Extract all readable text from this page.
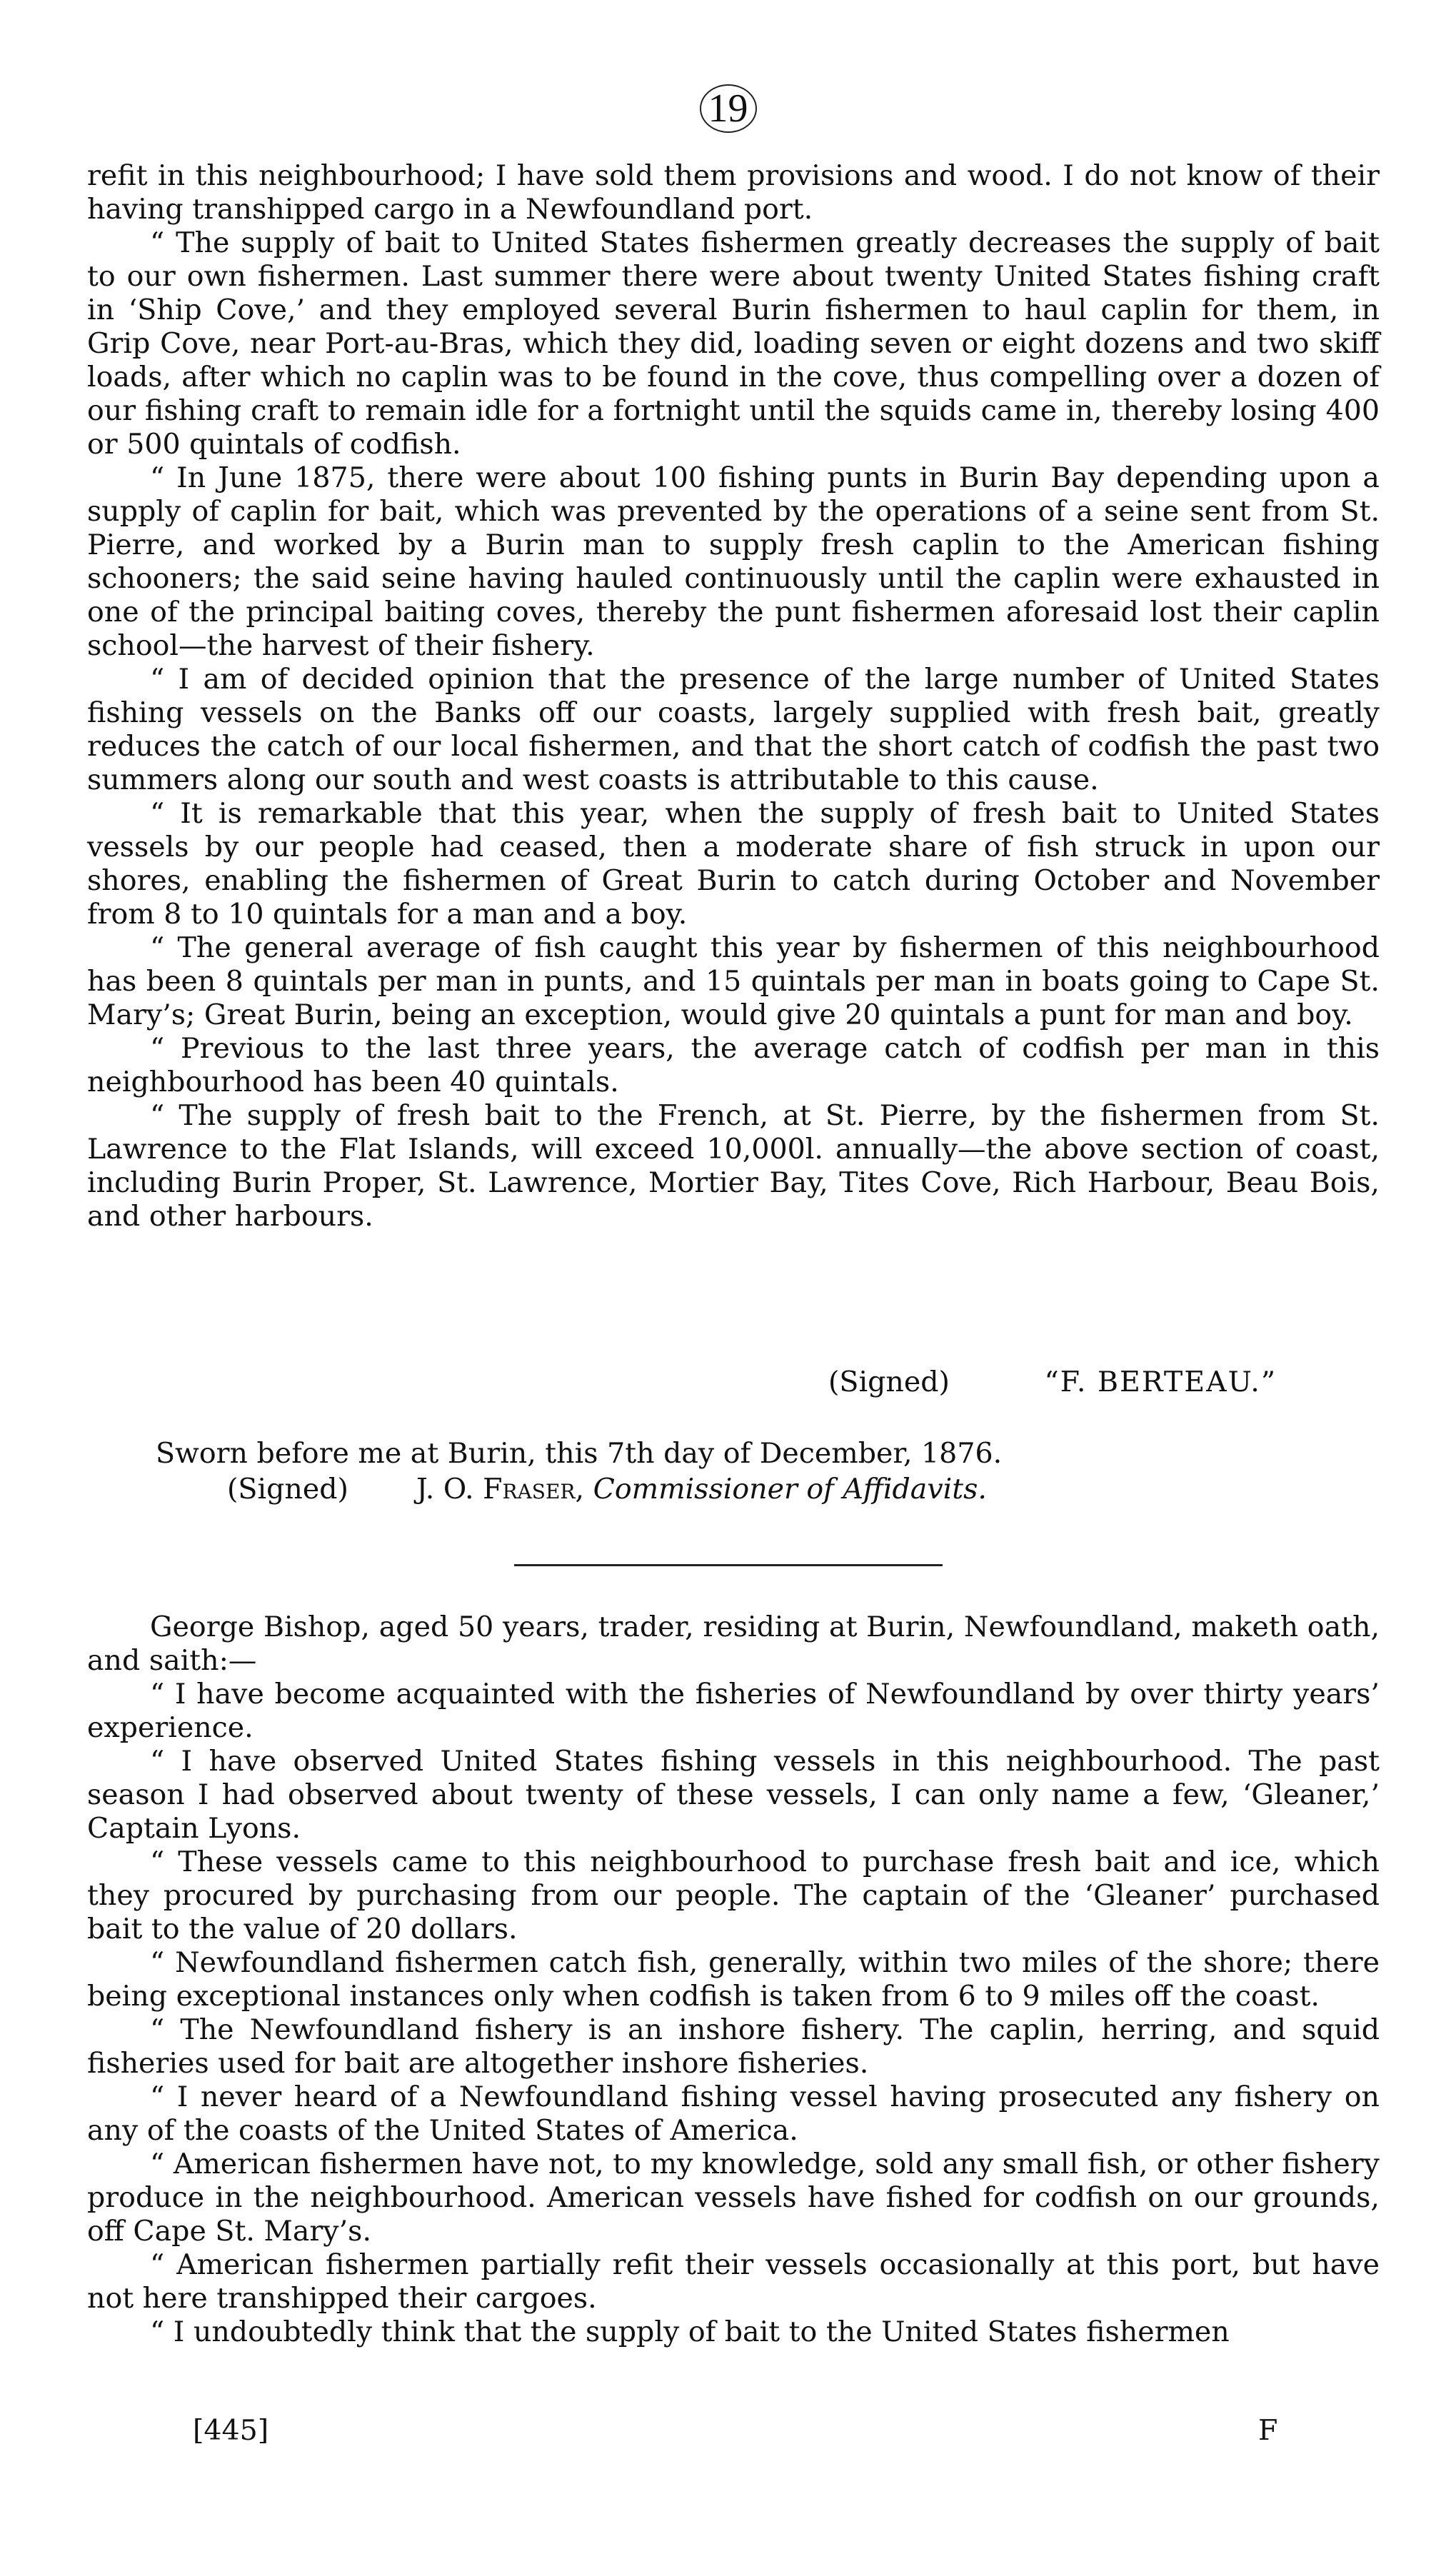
19

refit in this neighbourhood; I have sold them provisions and wood. I do not know of their having transhipped cargo in a Newfoundland port.

“ The supply of bait to United States fishermen greatly decreases the supply of bait to our own fishermen. Last summer there were about twenty United States fishing craft in ‘Ship Cove,’ and they employed several Burin fishermen to haul caplin for them, in Grip Cove, near Port-au-Bras, which they did, loading seven or eight dozens and two skiff loads, after which no caplin was to be found in the cove, thus compelling over a dozen of our fishing craft to remain idle for a fortnight until the squids came in, thereby losing 400 or 500 quintals of codfish.

“ In June 1875, there were about 100 fishing punts in Burin Bay depending upon a supply of caplin for bait, which was prevented by the operations of a seine sent from St. Pierre, and worked by a Burin man to supply fresh caplin to the American fishing schooners; the said seine having hauled continuously until the caplin were exhausted in one of the principal baiting coves, thereby the punt fishermen aforesaid lost their caplin school—the harvest of their fishery.

“ I am of decided opinion that the presence of the large number of United States fishing vessels on the Banks off our coasts, largely supplied with fresh bait, greatly reduces the catch of our local fishermen, and that the short catch of codfish the past two summers along our south and west coasts is attributable to this cause.

“ It is remarkable that this year, when the supply of fresh bait to United States vessels by our people had ceased, then a moderate share of fish struck in upon our shores, enabling the fishermen of Great Burin to catch during October and November from 8 to 10 quintals for a man and a boy.

“ The general average of fish caught this year by fishermen of this neighbourhood has been 8 quintals per man in punts, and 15 quintals per man in boats going to Cape St. Mary’s; Great Burin, being an exception, would give 20 quintals a punt for man and boy.

“ Previous to the last three years, the average catch of codfish per man in this neighbourhood has been 40 quintals.

“ The supply of fresh bait to the French, at St. Pierre, by the fishermen from St. Lawrence to the Flat Islands, will exceed 10,000l. annually—the above section of coast, including Burin Proper, St. Lawrence, Mortier Bay, Tites Cove, Rich Harbour, Beau Bois, and other harbours.

(Signed)	“F. BERTEAU.”
Sworn before me at Burin, this 7th day of December, 1876.
(Signed) J. O. Fraser, Commissioner of Affidavits.

George Bishop, aged 50 years, trader, residing at Burin, Newfoundland, maketh oath, and saith:—

“ I have become acquainted with the fisheries of Newfoundland by over thirty years’ experience.

“ I have observed United States fishing vessels in this neighbourhood. The past season I had observed about twenty of these vessels, I can only name a few, ‘Gleaner,’ Captain Lyons.

“ These vessels came to this neighbourhood to purchase fresh bait and ice, which they procured by purchasing from our people. The captain of the ‘Gleaner’ purchased bait to the value of 20 dollars.

“ Newfoundland fishermen catch fish, generally, within two miles of the shore; there being exceptional instances only when codfish is taken from 6 to 9 miles off the coast.

“ The Newfoundland fishery is an inshore fishery. The caplin, herring, and squid fisheries used for bait are altogether inshore fisheries.

“ I never heard of a Newfoundland fishing vessel having prosecuted any fishery on any of the coasts of the United States of America.

“ American fishermen have not, to my knowledge, sold any small fish, or other fishery produce in the neighbourhood. American vessels have fished for codfish on our grounds, off Cape St. Mary’s.

“ American fishermen partially refit their vessels occasionally at this port, but have not here transhipped their cargoes.

“ I undoubtedly think that the supply of bait to the United States fishermen

[445]	F
